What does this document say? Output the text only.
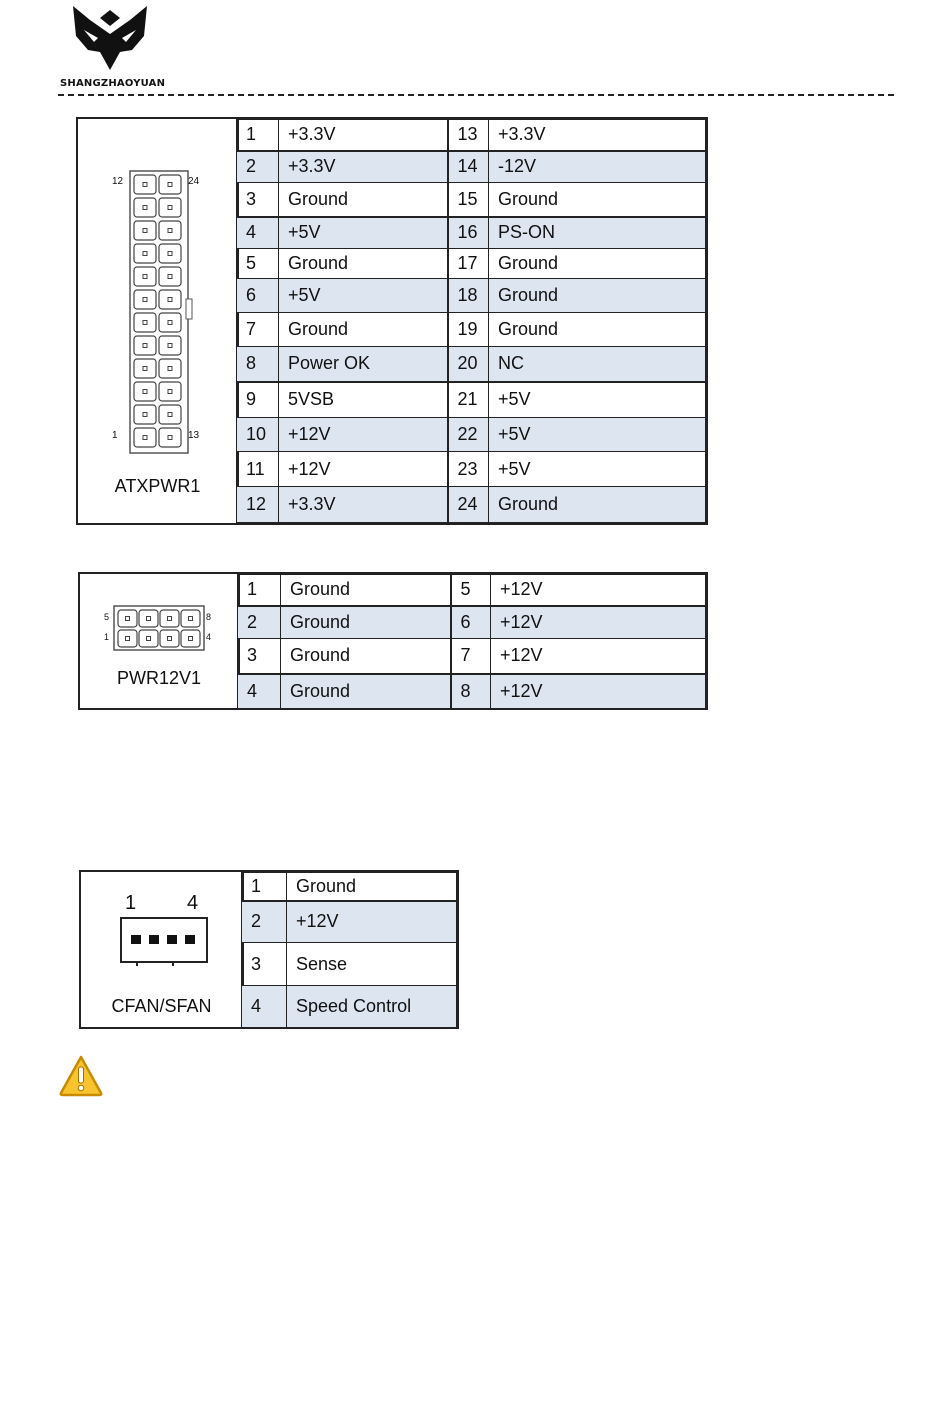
SHANGZHAOYUAN
12	24
1	13
ATXPWR1
1	+3.3V	13	+3.3V
2	+3.3V	14	-12V
3	Ground	15	Ground
4	+5V	16	PS-ON
5	Ground	17	Ground
6	+5V	18	Ground
7	Ground	19	Ground
8	Power OK	20	NC
9	5VSB	21	+5V
10	+12V	22	+5V
11	+12V	23	+5V
12	+3.3V	24	Ground
5	8
1	4
PWR12V1
1	Ground	5	+12V
2	Ground	6	+12V
3	Ground	7	+12V
4	Ground	8	+12V
1	4
CFAN/SFAN
1	Ground
2	+12V
3	Sense
4	Speed Control
